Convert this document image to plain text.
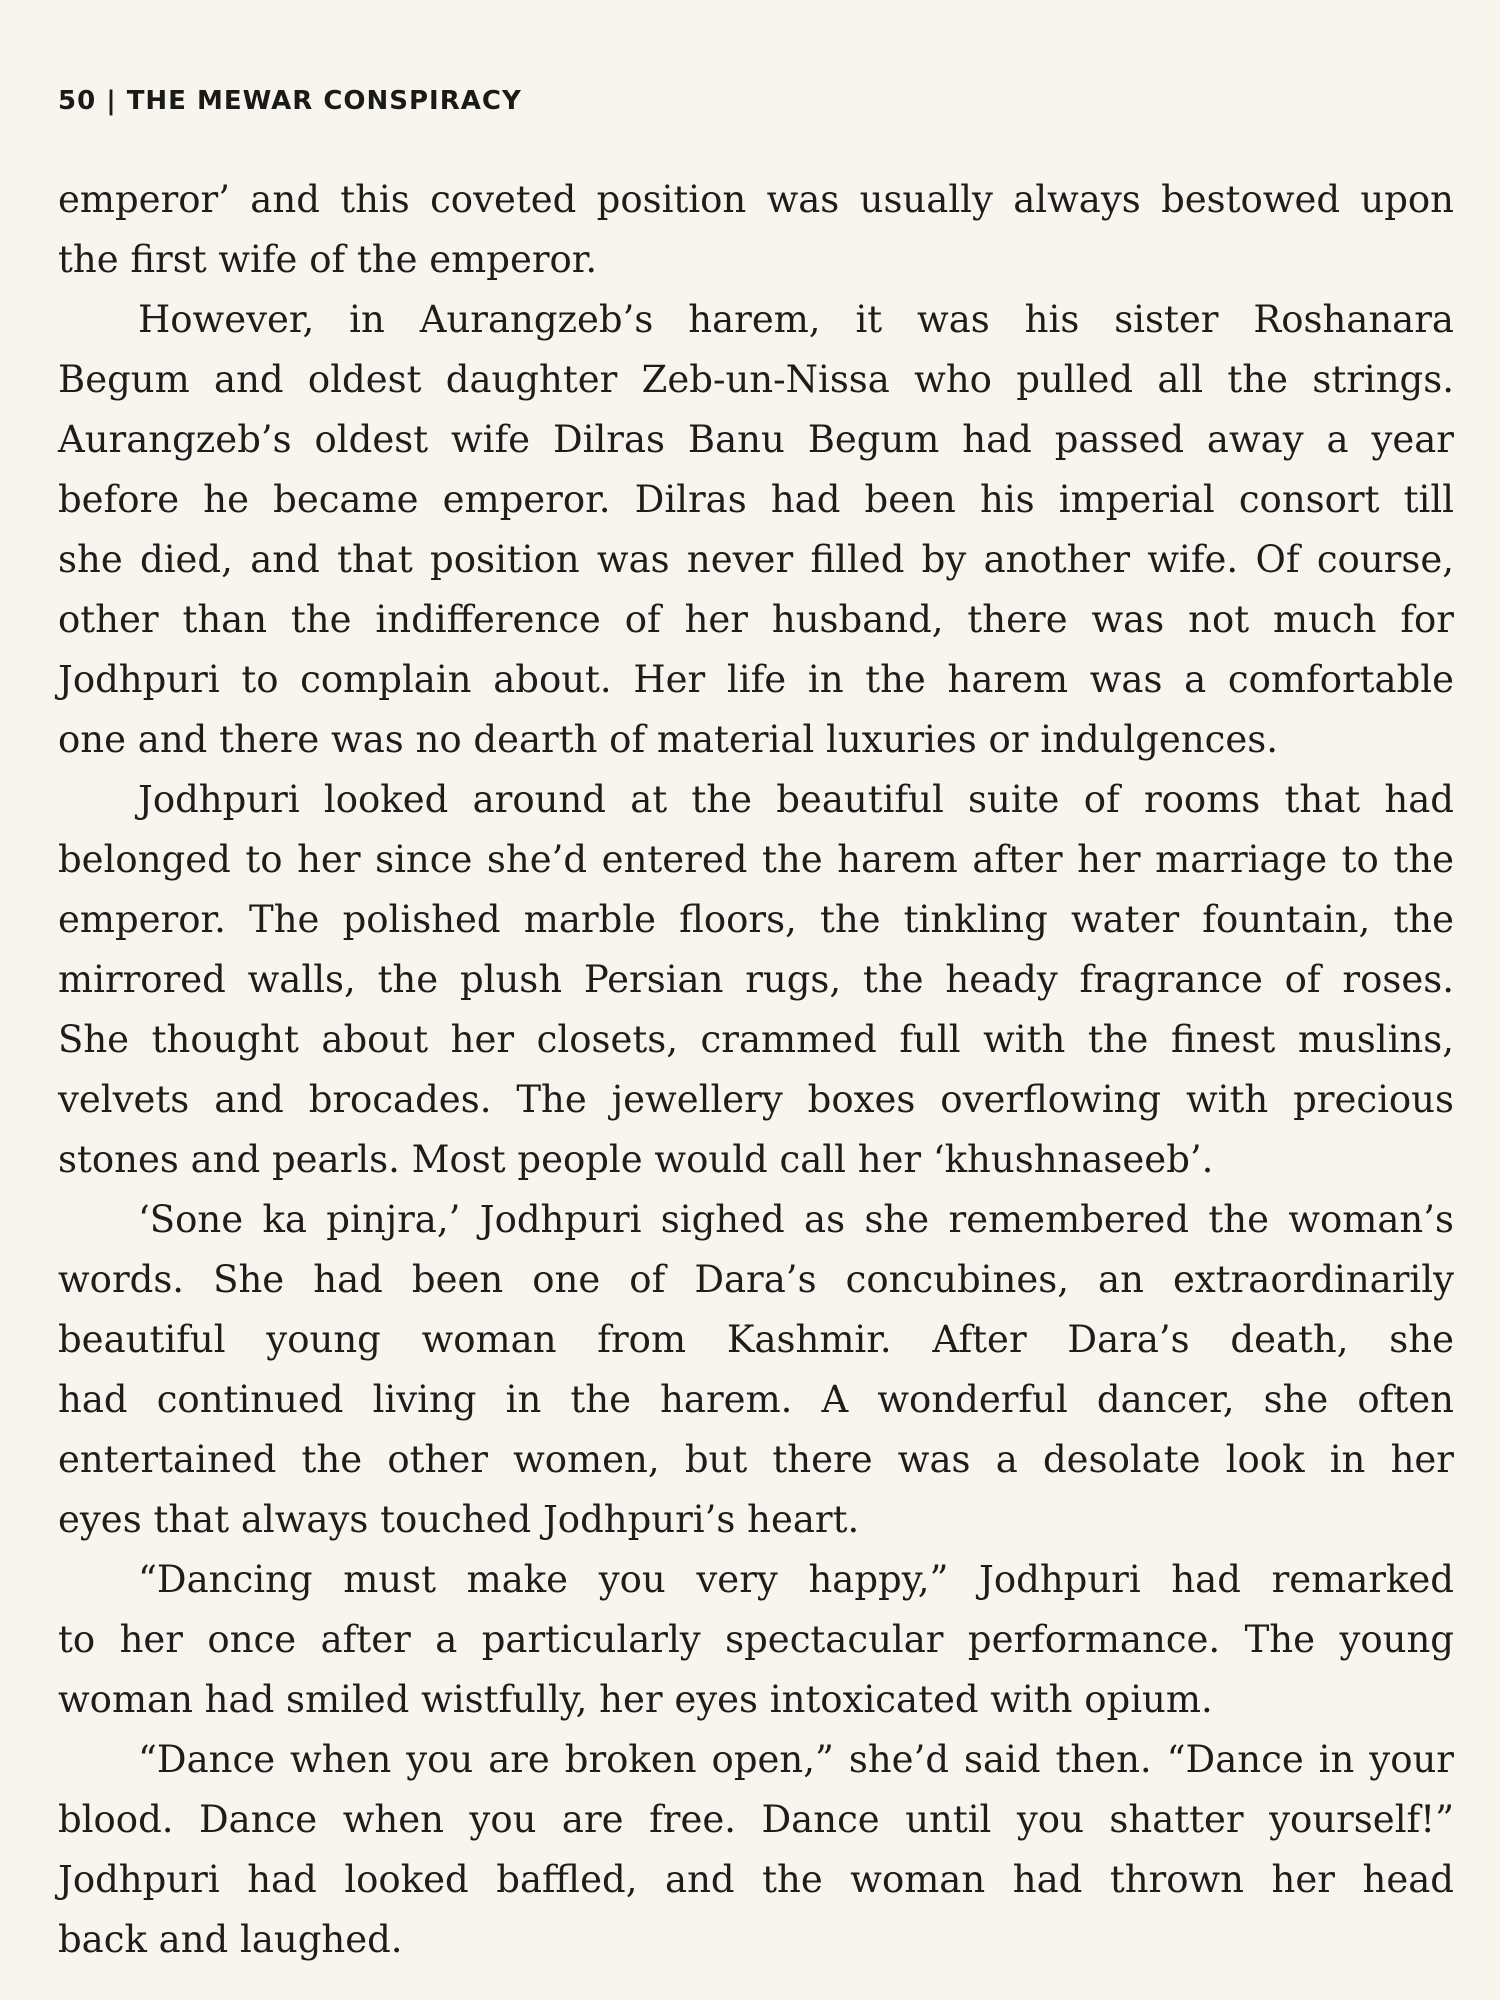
50 | THE MEWAR CONSPIRACY
emperor’ and this coveted position was usually always bestowed upon
the first wife of the emperor.
However, in Aurangzeb’s harem, it was his sister Roshanara
Begum and oldest daughter Zeb-un-Nissa who pulled all the strings.
Aurangzeb’s oldest wife Dilras Banu Begum had passed away a year
before he became emperor. Dilras had been his imperial consort till
she died, and that position was never filled by another wife. Of course,
other than the indifference of her husband, there was not much for
Jodhpuri to complain about. Her life in the harem was a comfortable
one and there was no dearth of material luxuries or indulgences.
Jodhpuri looked around at the beautiful suite of rooms that had
belonged to her since she’d entered the harem after her marriage to the
emperor. The polished marble floors, the tinkling water fountain, the
mirrored walls, the plush Persian rugs, the heady fragrance of roses.
She thought about her closets, crammed full with the finest muslins,
velvets and brocades. The jewellery boxes overflowing with precious
stones and pearls. Most people would call her ‘khushnaseeb’.
‘Sone ka pinjra,’ Jodhpuri sighed as she remembered the woman’s
words. She had been one of Dara’s concubines, an extraordinarily
beautiful young woman from Kashmir. After Dara’s death, she
had continued living in the harem. A wonderful dancer, she often
entertained the other women, but there was a desolate look in her
eyes that always touched Jodhpuri’s heart.
“Dancing must make you very happy,” Jodhpuri had remarked
to her once after a particularly spectacular performance. The young
woman had smiled wistfully, her eyes intoxicated with opium.
“Dance when you are broken open,” she’d said then. “Dance in your
blood. Dance when you are free. Dance until you shatter yourself!”
Jodhpuri had looked baffled, and the woman had thrown her head
back and laughed.
